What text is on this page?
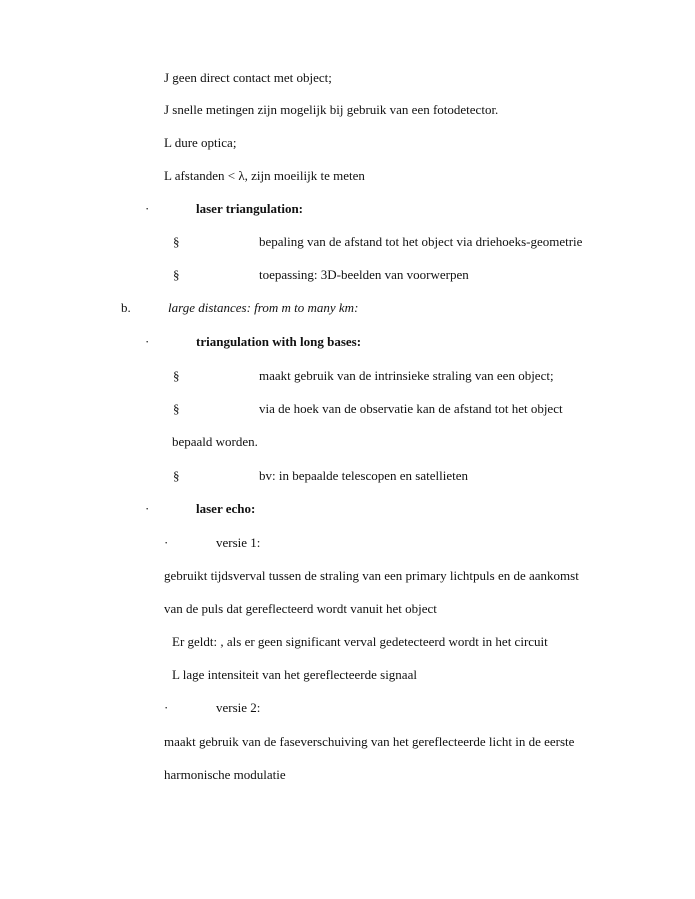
J geen direct contact met object;
J snelle metingen zijn mogelijk bij gebruik van een fotodetector.
L dure optica;
L afstanden < λ, zijn moeilijk te meten
·	laser triangulation:
§	bepaling van de afstand tot het object via driehoeks-geometrie
§	toepassing: 3D-beelden van voorwerpen
b.	large distances: from m to many km:
·	triangulation with long bases:
§	maakt gebruik van de intrinsieke straling van een object;
§	via de hoek van de observatie kan de afstand tot het object
bepaald worden.
§	bv: in bepaalde telescopen en satellieten
·	laser echo:
·	versie 1:
gebruikt tijdsverval tussen de straling van een primary lichtpuls en de aankomst
van de puls dat gereflecteerd wordt vanuit het object
Er geldt: , als er geen significant verval gedetecteerd wordt in het circuit
L lage intensiteit van het gereflecteerde signaal
·	versie 2:
maakt gebruik van de faseverschuiving van het gereflecteerde licht in de eerste
harmonische modulatie
